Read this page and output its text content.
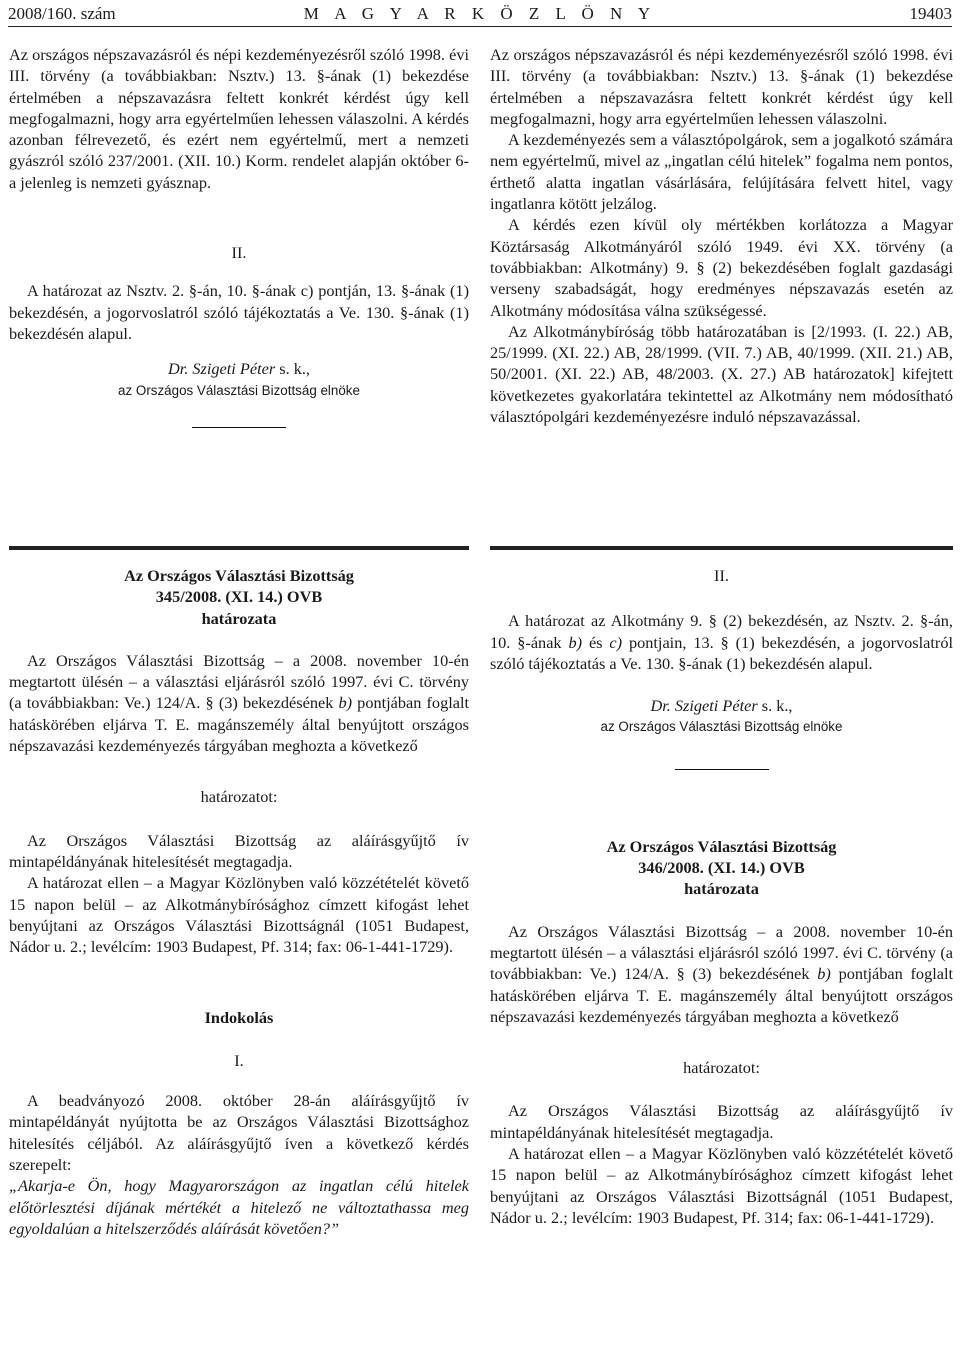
2008/160. szám	M A G Y A R K Ö Z L Ö N Y	19403

Az országos népszavazásról és népi kezdeményezésről szóló 1998. évi III. törvény (a továbbiakban: Nsztv.) 13. §-ának (1) bekezdése értelmében a népszavazásra feltett konkrét kérdést úgy kell megfogalmazni, hogy arra egyértelműen lehessen válaszolni. A kérdés azonban félrevezető, és ezért nem egyértelmű, mert a nemzeti gyászról szóló 237/2001. (XII. 10.) Korm. rendelet alapján október 6-a jelenleg is nemzeti gyásznap.

II.

A határozat az Nsztv. 2. §-án, 10. §-ának c) pontján, 13. §-ának (1) bekezdésén, a jogorvoslatról szóló tájékoztatás a Ve. 130. §-ának (1) bekezdésén alapul.

Dr. Szigeti Péter s. k.,

az Országos Választási Bizottság elnöke

Az országos népszavazásról és népi kezdeményezésről szóló 1998. évi III. törvény (a továbbiakban: Nsztv.) 13. §-ának (1) bekezdése értelmében a népszavazásra feltett konkrét kérdést úgy kell megfogalmazni, hogy arra egyértelműen lehessen válaszolni.

A kezdeményezés sem a választópolgárok, sem a jogalkotó számára nem egyértelmű, mivel az „ingatlan célú hitelek” fogalma nem pontos, érthető alatta ingatlan vásárlására, felújítására felvett hitel, vagy ingatlanra kötött jelzálog.

A kérdés ezen kívül oly mértékben korlátozza a Magyar Köztársaság Alkotmányáról szóló 1949. évi XX. törvény (a továbbiakban: Alkotmány) 9. § (2) bekezdésében foglalt gazdasági verseny szabadságát, hogy eredményes népszavazás esetén az Alkotmány módosítása válna szükségessé.

Az Alkotmánybíróság több határozatában is [2/1993. (I. 22.) AB, 25/1999. (XI. 22.) AB, 28/1999. (VII. 7.) AB, 40/1999. (XII. 21.) AB, 50/2001. (XI. 22.) AB, 48/2003. (X. 27.) AB határozatok] kifejtett következetes gyakorlatára tekintettel az Alkotmány nem módosítható választópolgári kezdeményezésre induló népszavazással.

Az Országos Választási Bizottság

345/2008. (XI. 14.) OVB

határozata

Az Országos Választási Bizottság – a 2008. november 10-én megtartott ülésén – a választási eljárásról szóló 1997. évi C. törvény (a továbbiakban: Ve.) 124/A. § (3) bekezdésének b) pontjában foglalt hatáskörében eljárva T. E. magánszemély által benyújtott országos népszavazási kezdeményezés tárgyában meghozta a következő

határozatot:

Az Országos Választási Bizottság az aláírásgyűjtő ív mintapéldányának hitelesítését megtagadja.

A határozat ellen – a Magyar Közlönyben való közzétételét követő 15 napon belül – az Alkotmánybírósághoz címzett kifogást lehet benyújtani az Országos Választási Bizottságnál (1051 Budapest, Nádor u. 2.; levélcím: 1903 Budapest, Pf. 314; fax: 06-1-441-1729).

Indokolás

I.

A beadványozó 2008. október 28-án aláírásgyűjtő ív mintapéldányát nyújtotta be az Országos Választási Bizottsághoz hitelesítés céljából. Az aláírásgyűjtő íven a következő kérdés szerepelt:

„Akarja-e Ön, hogy Magyarországon az ingatlan célú hitelek előtörlesztési díjának mértékét a hitelező ne változtathassa meg egyoldalúan a hitelszerződés aláírását követően?”

II.

A határozat az Alkotmány 9. § (2) bekezdésén, az Nsztv. 2. §-án, 10. §-ának b) és c) pontjain, 13. § (1) bekezdésén, a jogorvoslatról szóló tájékoztatás a Ve. 130. §-ának (1) bekezdésén alapul.

Dr. Szigeti Péter s. k.,

az Országos Választási Bizottság elnöke

Az Országos Választási Bizottság

346/2008. (XI. 14.) OVB

határozata

Az Országos Választási Bizottság – a 2008. november 10-én megtartott ülésén – a választási eljárásról szóló 1997. évi C. törvény (a továbbiakban: Ve.) 124/A. § (3) bekezdésének b) pontjában foglalt hatáskörében eljárva T. E. magánszemély által benyújtott országos népszavazási kezdeményezés tárgyában meghozta a következő

határozatot:

Az Országos Választási Bizottság az aláírásgyűjtő ív mintapéldányának hitelesítését megtagadja.

A határozat ellen – a Magyar Közlönyben való közzétételét követő 15 napon belül – az Alkotmánybírósághoz címzett kifogást lehet benyújtani az Országos Választási Bizottságnál (1051 Budapest, Nádor u. 2.; levélcím: 1903 Budapest, Pf. 314; fax: 06-1-441-1729).
